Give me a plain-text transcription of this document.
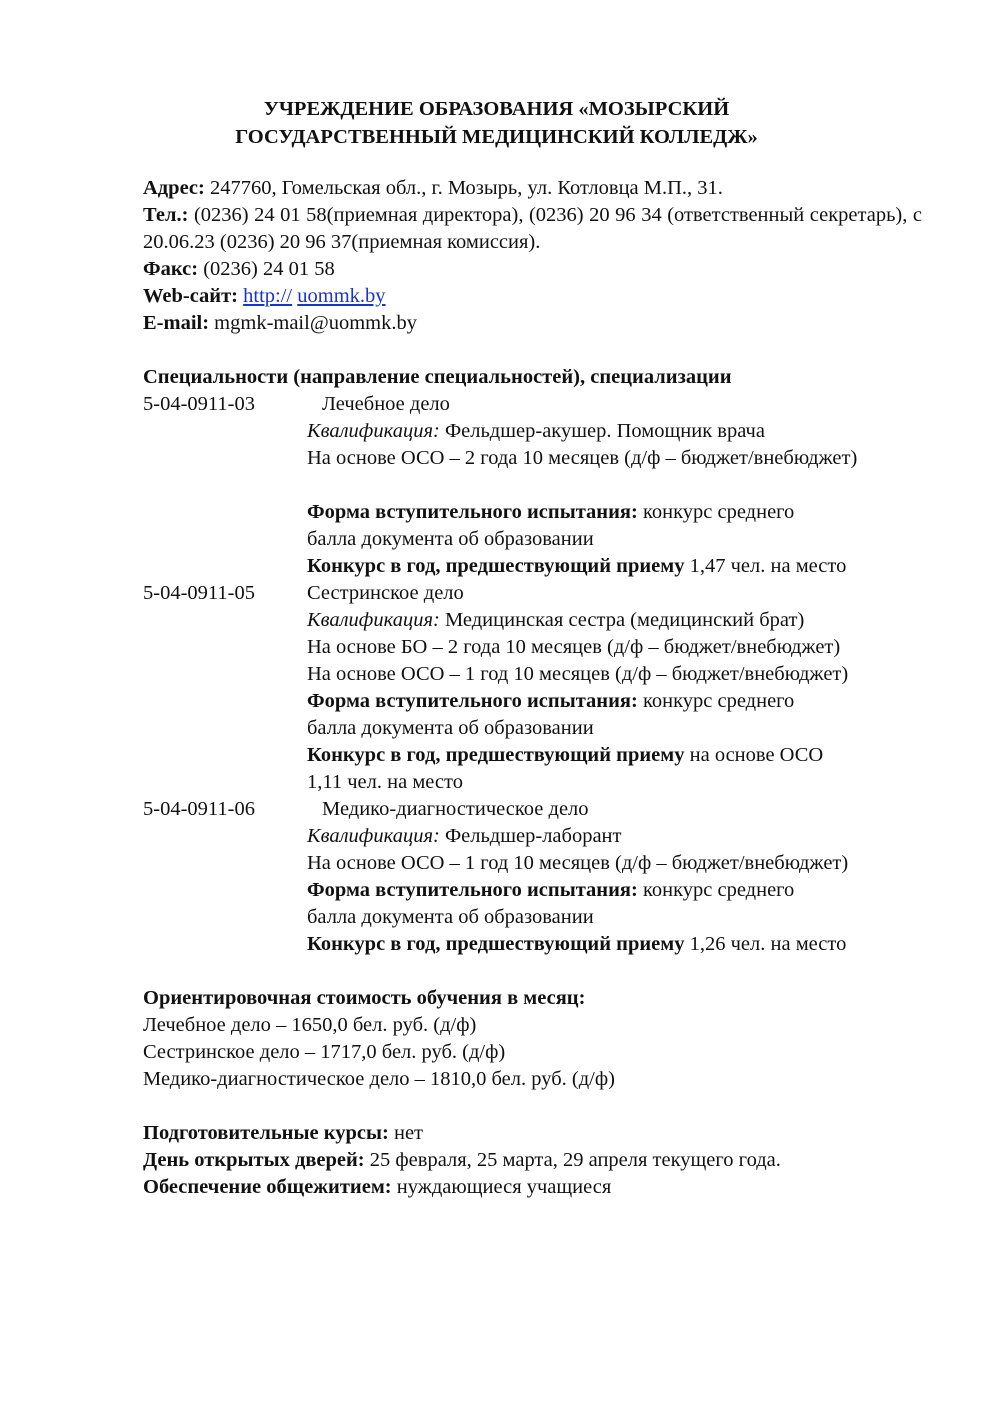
УЧРЕЖДЕНИЕ ОБРАЗОВАНИЯ «МОЗЫРСКИЙ
ГОСУДАРСТВЕННЫЙ МЕДИЦИНСКИЙ КОЛЛЕДЖ»
Адрес: 247760, Гомельская обл., г. Мозырь, ул. Котловца М.П., 31.
Тел.: (0236) 24 01 58(приемная директора), (0236) 20 96 34 (ответственный секретарь), с 20.06.23 (0236) 20 96 37(приемная комиссия).
Факс: (0236) 24 01 58
Web-сайт: http:// uommk.by
E-mail: mgmk-mail@uommk.by
Специальности (направление специальностей), специализации
5-04-0911-03	Лечебное дело
Квалификация: Фельдшер-акушер. Помощник врача
На основе ОСО – 2 года 10 месяцев (д/ф – бюджет/внебюджет)
Форма вступительного испытания: конкурс среднего
балла документа об образовании
Конкурс в год, предшествующий приему 1,47 чел. на место
5-04-0911-05	Сестринское дело
Квалификация: Медицинская сестра (медицинский брат)
На основе БО – 2 года 10 месяцев (д/ф – бюджет/внебюджет)
На основе ОСО – 1 год 10 месяцев (д/ф – бюджет/внебюджет)
Форма вступительного испытания: конкурс среднего
балла документа об образовании
Конкурс в год, предшествующий приему на основе ОСО
1,11 чел. на место
5-04-0911-06	Медико-диагностическое дело
Квалификация: Фельдшер-лаборант
На основе ОСО – 1 год 10 месяцев (д/ф – бюджет/внебюджет)
Форма вступительного испытания: конкурс среднего
балла документа об образовании
Конкурс в год, предшествующий приему 1,26 чел. на место
Ориентировочная стоимость обучения в месяц:
Лечебное дело – 1650,0 бел. руб. (д/ф)
Сестринское дело – 1717,0 бел. руб. (д/ф)
Медико-диагностическое дело – 1810,0 бел. руб. (д/ф)
Подготовительные курсы: нет
День открытых дверей: 25 февраля, 25 марта, 29 апреля текущего года.
Обеспечение общежитием: нуждающиеся учащиеся
